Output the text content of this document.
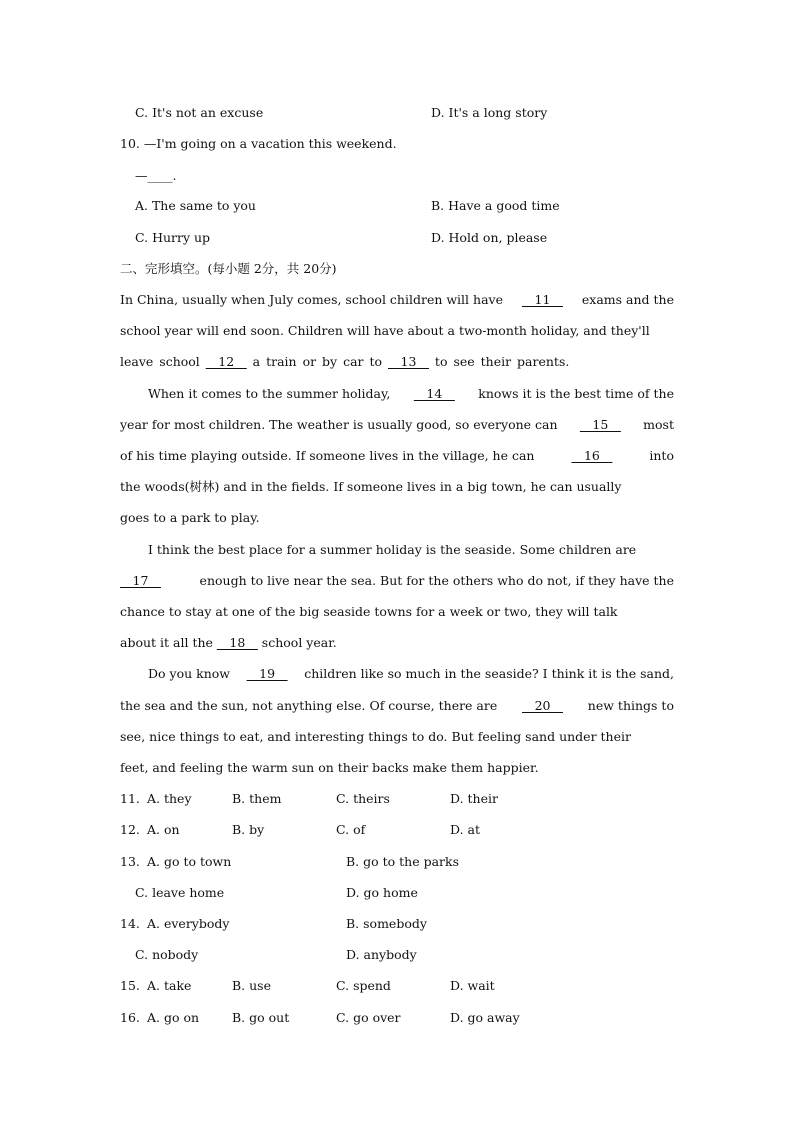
C. It's not an excuse	D. It's a long story
10. —I'm going on a vacation this weekend.
—____.
A. The same to you	B. Have a good time
C. Hurry up	D. Hold on, please
二、完形填空。(每小题 2分，共 20分)
In China, usually when July comes, school children will have __11__ exams and the
school year will end soon. Children will have about a two-month holiday, and they'll
leave school __12__ a train or by car to __13__ to see their parents.
When it comes to the summer holiday, __14__ knows it is the best time of the
year for most children. The weather is usually good, so everyone can __15__ most
of his time playing outside. If someone lives in the village, he can	__16__	into
the woods(树林) and in the fields. If someone lives in a big town, he can usually
goes to a park to play.
I think the best place for a summer holiday is the seaside. Some children are
__17__	enough to live near the sea. But for the others who do not, if they have the
chance to stay at one of the big seaside towns for a week or two, they will talk
about it all the __18__ school year.
Do you know __19__ children like so much in the seaside? I think it is the sand,
the sea and the sun, not anything else. Of course, there are __20__ new things to
see, nice things to eat, and interesting things to do. But feeling sand under their
feet, and feeling the warm sun on their backs make them happier.
11. A. they	B. them	C. theirs	D. their
12. A. on	B. by	C. of	D. at
13. A. go to town	B. go to the parks
C. leave home	D. go home
14. A. everybody	B. somebody
C. nobody	D. anybody
15. A. take	B. use	C. spend	D. wait
16. A. go on	B. go out	C. go over	D. go away
